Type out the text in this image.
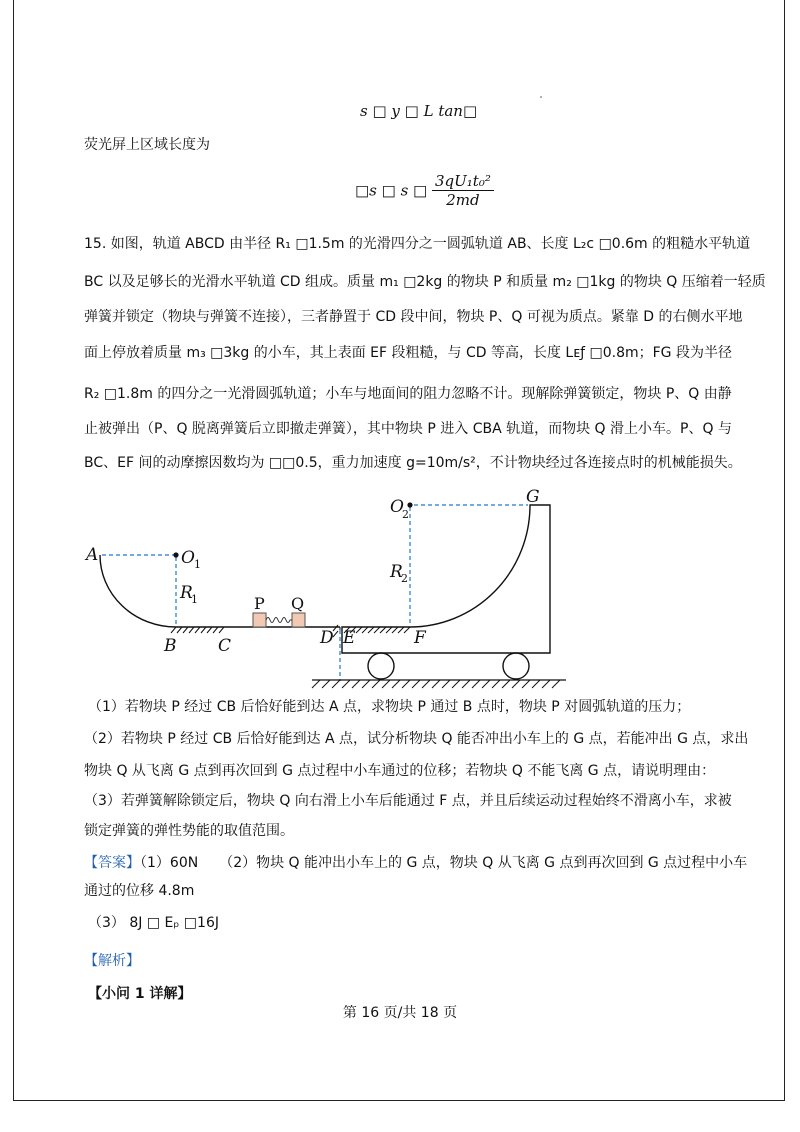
s □ y □ L tan□
荧光屏上区域长度为
□s □ s □ $\frac{\text{3qU₁t₀²}}{2md}$
15. 如图，轨道 ABCD 由半径 R₁ □1.5m 的光滑四分之一圆弧轨道 AB、长度 L₂ᴄ □0.6m 的粗糙水平轨道
BC 以及足够长的光滑水平轨道 CD 组成。质量 m₁ □2kg 的物块 P 和质量 m₂ □1kg 的物块 Q 压缩着一轻质
弹簧并锁定（物块与弹簧不连接），三者静置于 CD 段中间，物块 P、Q 可视为质点。紧靠 D 的右侧水平地
面上停放着质量 m₃ □3kg 的小车，其上表面 EF 段粗糙，与 CD 等高，长度 Lᴇƒ □0.8m；FG 段为半径
R₂ □1.8m 的四分之一光滑圆弧轨道；小车与地面间的阻力忽略不计。现解除弹簧锁定，物块 P、Q 由静
止被弹出（P、Q 脱离弹簧后立即撤走弹簧），其中物块 P 进入 CBA 轨道，而物块 Q 滑上小车。P、Q 与
BC、EF 间的动摩擦因数均为 □□0.5，重力加速度 g=10m/s²，不计物块经过各连接点时的机械能损失。
A	O 1
R
1
B C	D E	F
G
O
2
R
2
P Q
（1）若物块 P 经过 CB 后恰好能到达 A 点，求物块 P 通过 B 点时，物块 P 对圆弧轨道的压力；
（2）若物块 P 经过 CB 后恰好能到达 A 点，试分析物块 Q 能否冲出小车上的 G 点，若能冲出 G 点，求出
物块 Q 从飞离 G 点到再次回到 G 点过程中小车通过的位移；若物块 Q 不能飞离 G 点，请说明理由：
（3）若弹簧解除锁定后，物块 Q 向右滑上小车后能通过 F 点，并且后续运动过程始终不滑离小车，求被
锁定弹簧的弹性势能的取值范围。
【答案】（1）60N　　（2）物块 Q 能冲出小车上的 G 点，物块 Q 从飞离 G 点到再次回到 G 点过程中小车
通过的位移 4.8m
（3） 8J □ Eₚ □16J
【解析】
【小问 1 详解】
第 16 页/共 18 页
